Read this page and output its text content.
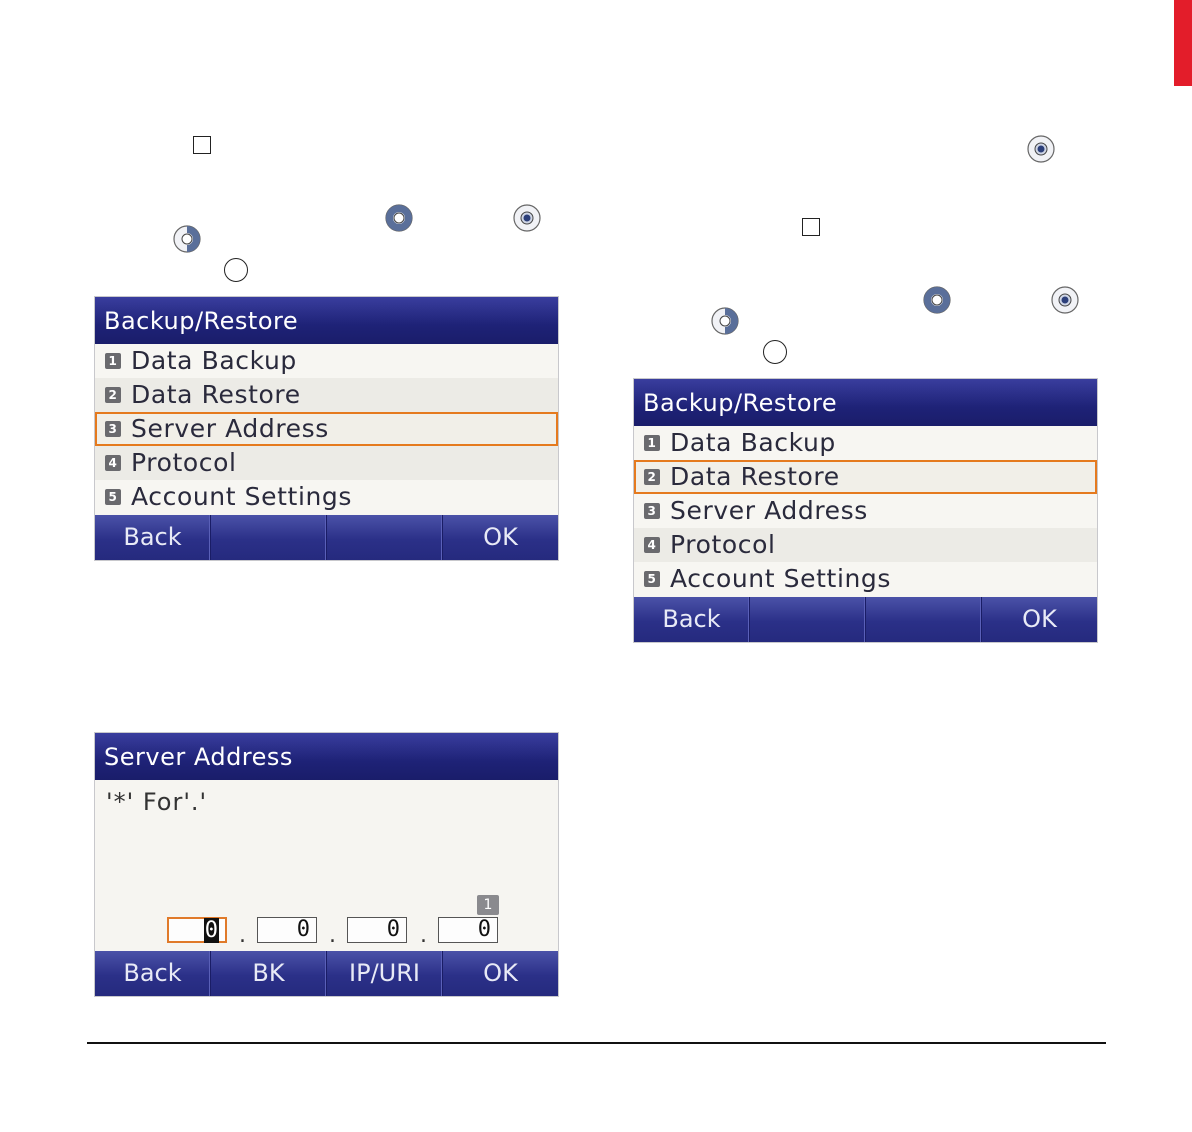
Backup/Restore
1 Data Backup
2 Data Restore
3 Server Address
4 Protocol
5 Account Settings
Back	OK
Backup/Restore
1 Data Backup
2 Data Restore
3 Server Address
4 Protocol
5 Account Settings
Back	OK
Server Address
'*' For'.'
1
0 .	0 .	0 .	0
Back	BK	IP/URI	OK
